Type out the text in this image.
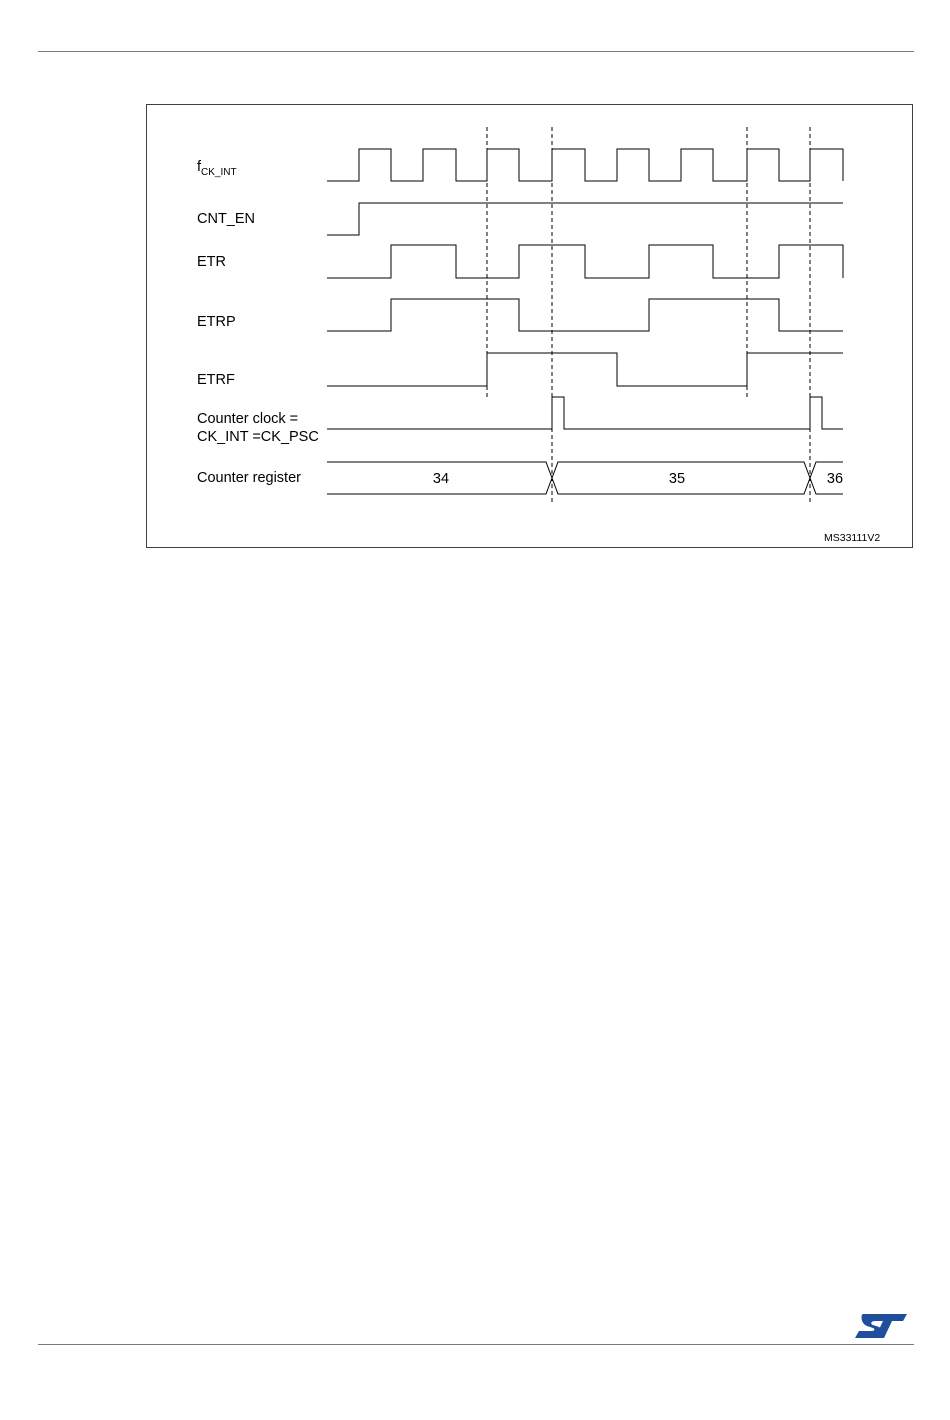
34	35	36
$f_{CK\_INT}$
CNT_EN
ETR
ETRP
ETRF
Counter clock =
CK_INT =CK_PSC
Counter register
MS33111V2
